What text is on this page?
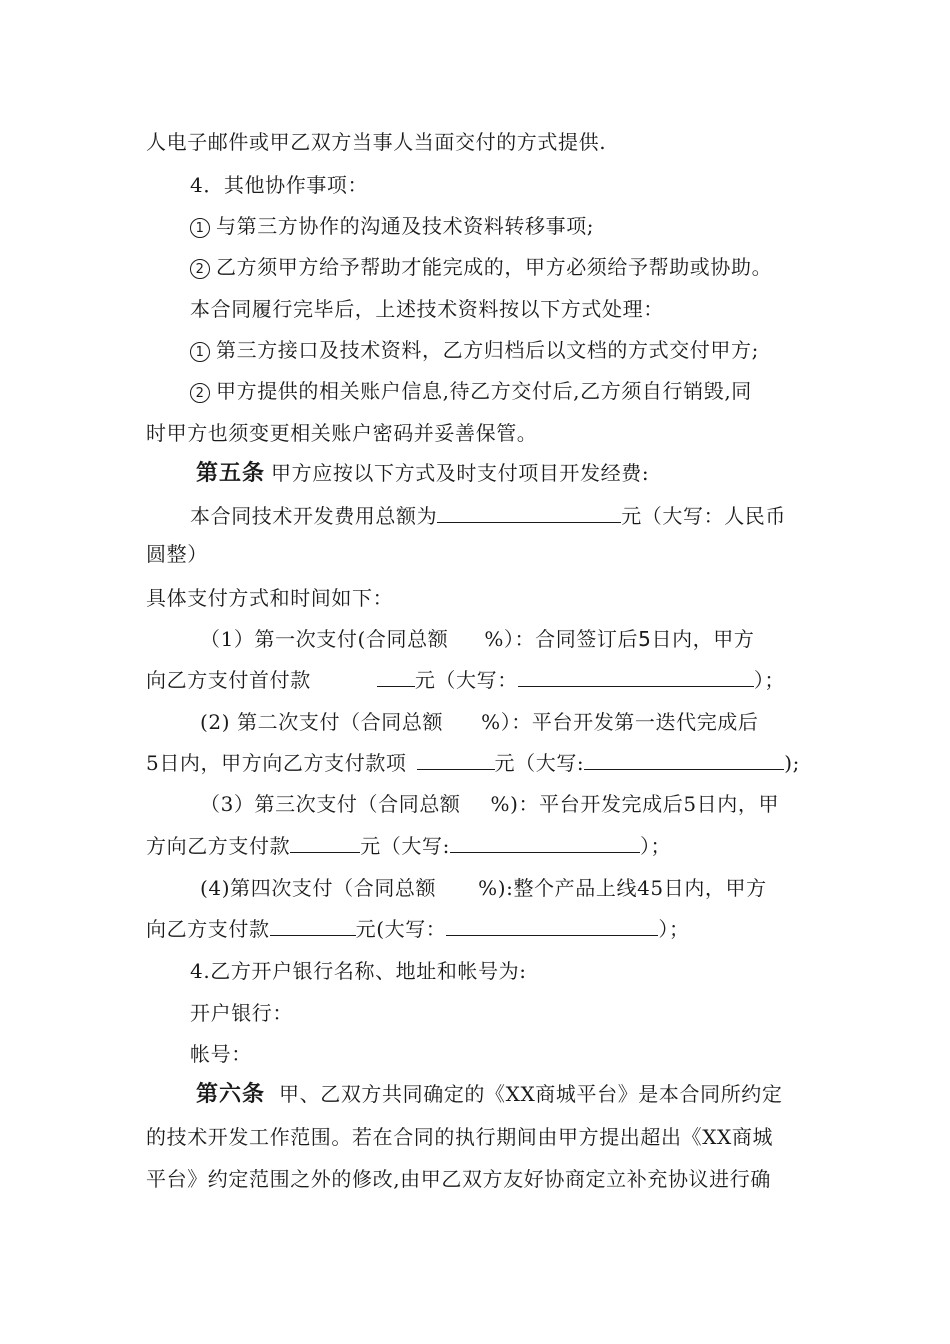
人电子邮件或甲乙双方当事人当面交付的方式提供.
4．其他协作事项：
1 与第三方协作的沟通及技术资料转移事项;
2 乙方须甲方给予帮助才能完成的，甲方必须给予帮助或协助。
本合同履行完毕后，上述技术资料按以下方式处理：
1 第三方接口及技术资料，乙方归档后以文档的方式交付甲方;
2 甲方提供的相关账户信息,待乙方交付后,乙方须自行销毁,同
时甲方也须变更相关账户密码并妥善保管。
第五条 甲方应按以下方式及时支付项目开发经费:
本合同技术开发费用总额为	元（大写：人民币
圆整）
具体支付方式和时间如下：
（1）第一次支付(合同总额 %）：合同签订后5日内，甲方
向乙方支付首付款	元（大写：	）；
(2) 第二次支付（合同总额 %）：平台开发第一迭代完成后
5日内，甲方向乙方支付款项	元（大写:	);
（3）第三次支付（合同总额 %)：平台开发完成后5日内，甲
方向乙方支付款	元（大写:	）；
(4)第四次支付（合同总额 %):整个产品上线45日内，甲方
向乙方支付款	元(大写：	）；
4.乙方开户银行名称、地址和帐号为:
开户银行：
帐号：
第六条 甲、乙双方共同确定的《XX商城平台》是本合同所约定
的技术开发工作范围。若在合同的执行期间由甲方提出超出《XX商城
平台》约定范围之外的修改,由甲乙双方友好协商定立补充协议进行确
